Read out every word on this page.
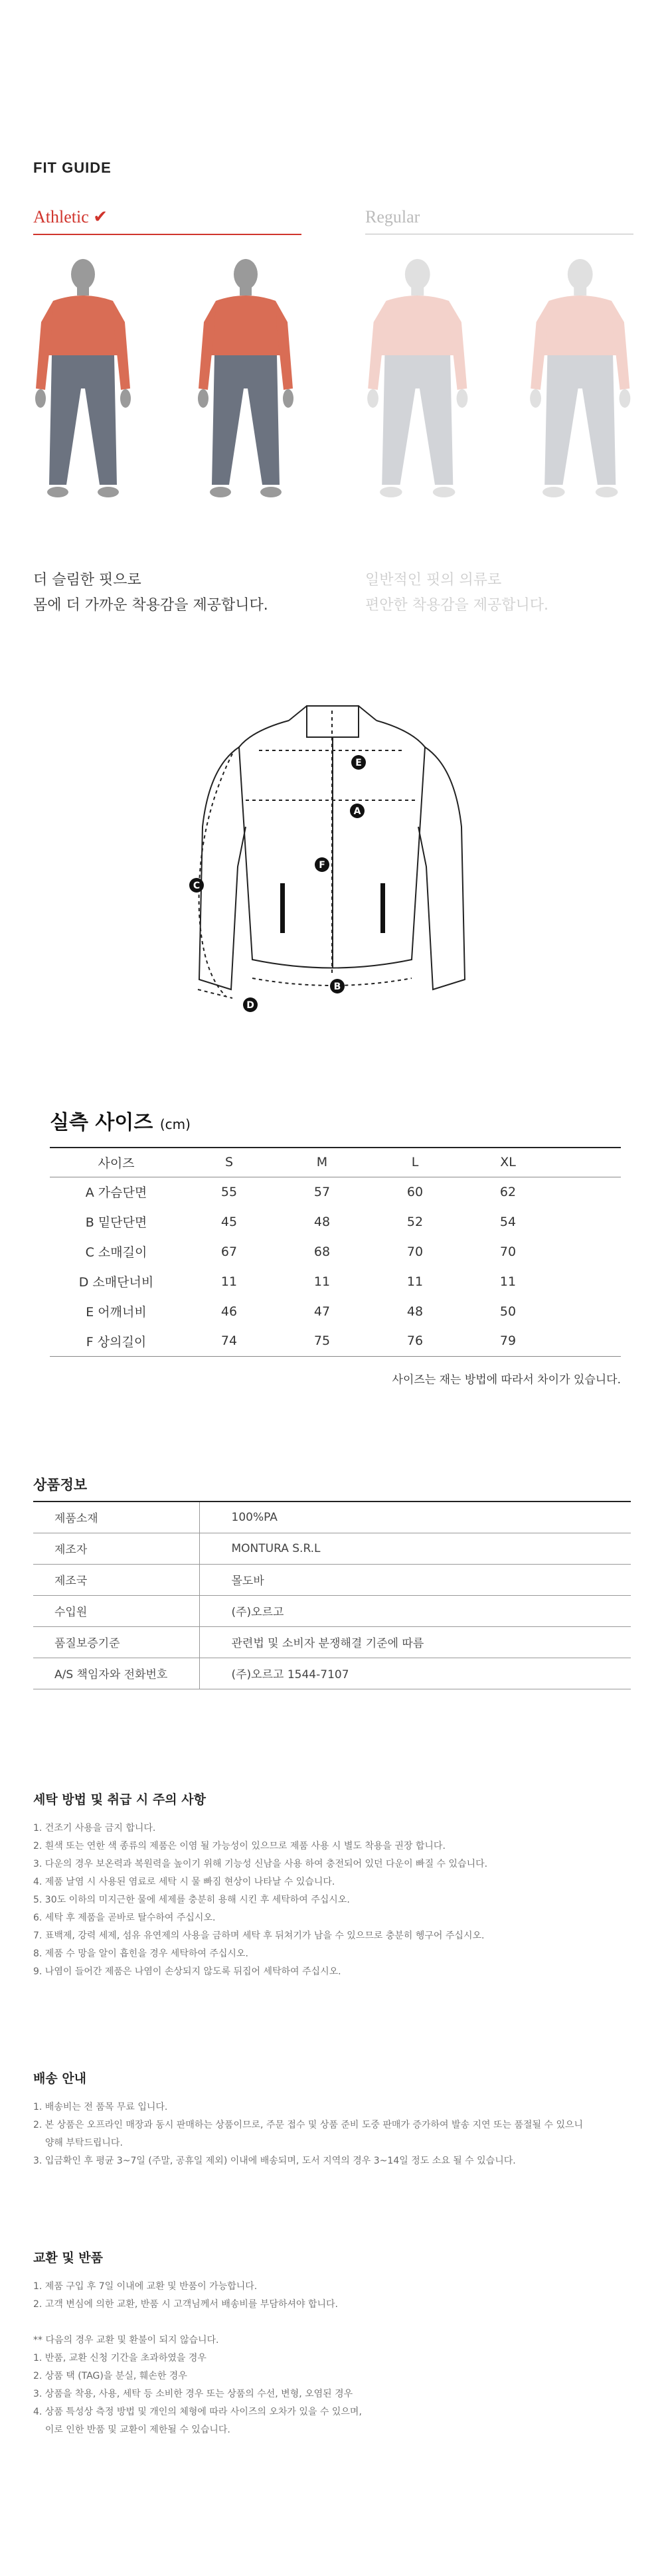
FIT GUIDE
Athletic ✔	Regular
더 슬림한 핏으로
몸에 더 가까운 착용감을 제공합니다.
일반적인 핏의 의류로
편안한 착용감을 제공합니다.
E
A
F
C
B
D
실측 사이즈 (cm)
사이즈	S	M	L	XL	
A 가슴단면	55	57	60	62	
B 밑단단면	45	48	52	54	
C 소매길이	67	68	70	70	
D 소매단너비	11	11	11	11	
E 어깨너비	46	47	48	50	
F 상의길이	74	75	76	79	
사이즈는 재는 방법에 따라서 차이가 있습니다.
상품정보
제품소재	100%PA
제조자	MONTURA S.R.L
제조국	몰도바
수입원	(주)오르고
품질보증기준	관련법 및 소비자 분쟁해결 기준에 따름
A/S 책임자와 전화번호	(주)오르고 1544-7107
세탁 방법 및 취급 시 주의 사항
1. 건조기 사용을 금지 합니다.
2. 흰색 또는 연한 색 종류의 제품은 이염 될 가능성이 있으므로 제품 사용 시 별도 착용을 권장 합니다.
3. 다운의 경우 보온력과 복원력을 높이기 위해 기능성 신남을 사용 하여 충전되어 있던 다운이 빠질 수 있습니다.
4. 제품 날염 시 사용된 염료로 세탁 시 물 빠짐 현상이 나타날 수 있습니다.
5. 30도 이하의 미지근한 물에 세제를 충분히 용해 시킨 후 세탁하여 주십시오.
6. 세탁 후 제품을 곧바로 탈수하여 주십시오.
7. 표백제, 강력 세제, 섬유 유연제의 사용을 금하며 세탁 후 뒤쳐기가 남을 수 있으므로 충분히 헹구어 주십시오.
8. 제품 수 망을 알이 흡힌을 경우 세탁하여 주십시오.
9. 나염이 들어간 제품은 나염이 손상되지 않도록 뒤집어 세탁하여 주십시오.
배송 안내
1. 배송비는 전 품목 무료 입니다.
2. 본 상품은 오프라인 매장과 동시 판매하는 상품이므로, 주문 접수 및 상품 준비 도중 판매가 증가하여 발송 지연 또는 품절될 수 있으니
양해 부탁드립니다.
3. 입금확인 후 평균 3~7일 (주말, 공휴일 제외) 이내에 배송되며, 도서 지역의 경우 3~14일 정도 소요 될 수 있습니다.
교환 및 반품
1. 제품 구입 후 7일 이내에 교환 및 반품이 가능합니다.
2. 고객 변심에 의한 교환, 반품 시 고객님께서 배송비를 부담하셔야 합니다.
** 다음의 경우 교환 및 환불이 되지 않습니다.
1. 반품, 교환 신청 기간을 초과하였을 경우
2. 상품 택 (TAG)을 분실, 훼손한 경우
3. 상품을 착용, 사용, 세탁 등 소비한 경우 또는 상품의 수선, 변형, 오염된 경우
4. 상품 특성상 측정 방법 및 개인의 체형에 따라 사이즈의 오차가 있을 수 있으며,
이로 인한 반품 및 교환이 제한될 수 있습니다.
